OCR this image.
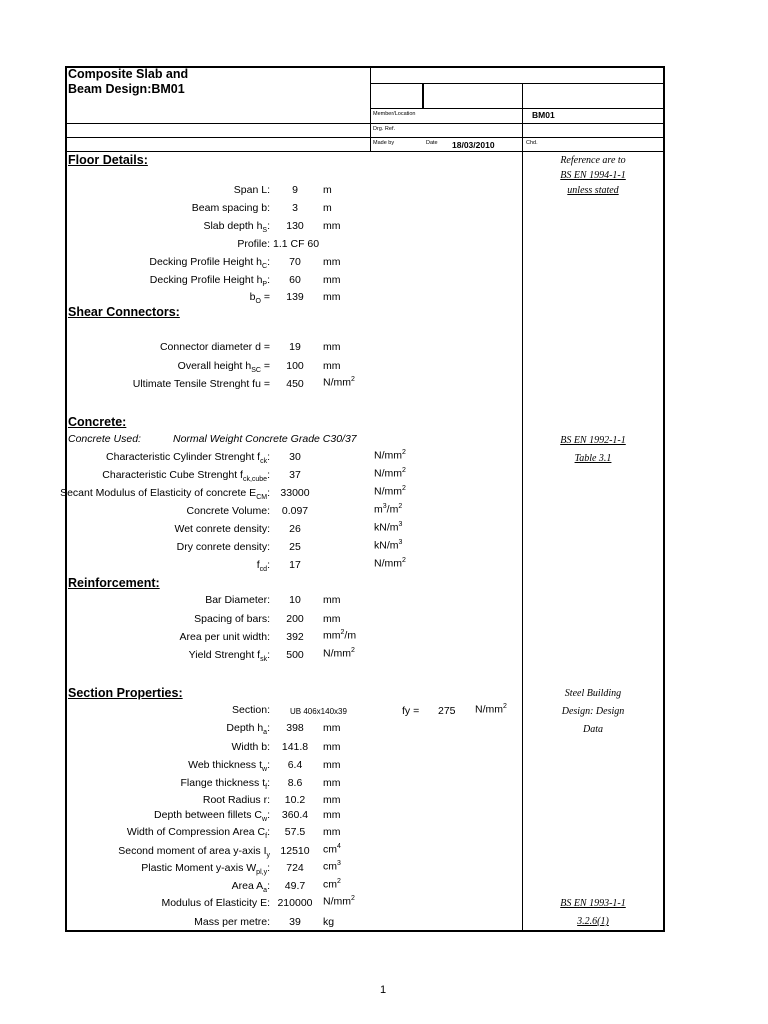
Composite Slab and
Beam Design:BM01
Member/Location	BM01
Drg. Ref.
Made by	Date 18/03/2010	Chd.
Floor Details:
Shear Connectors:
Concrete:
Concrete Used:	Normal Weight Concrete Grade C30/37
Reinforcement:
Section Properties:
Section:	UB 406x140x39	fy = 275 $N/mm^2$
Span L:	9	m
Beam spacing b:	3	m
Slab depth $h_S$:	130	mm
Profile: 1.1 CF 60
Decking Profile Height $h_C$:	70	mm
Decking Profile Height $h_P$:	60	mm
$b_O$ =	139	mm
Connector diameter d =	19	mm
Overall height $h_{SC}$ =	100	mm
Ultimate Tensile Strenght fu =	450	$N/mm^2$
Characteristic Cylinder Strenght $f_{ck}$:	30	$N/mm^2$
Characteristic Cube Strenght $f_{ck,cube}$:	37	$N/mm^2$
Secant Modulus of Elasticity of concrete $E_{CM}$: 33000	$N/mm^2$
Concrete Volume:	0.097	$m^3/m^2$
Wet conrete density:	26	$kN/m^3$
Dry conrete density:	25	$kN/m^3$
$f_{cd}$:	17	$N/mm^2$
Bar Diameter:	10	mm
Spacing of bars:	200	mm
Area per unit width:	392	$mm^2/m$
Yield Strenght $f_{sk}$:	500	$N/mm^2$
Depth $h_a$:	398	mm
Width b:	141.8	mm
Web thickness $t_w$:	6.4	mm
Flange thickness $t_f$:	8.6	mm
Root Radius r:	10.2	mm
Depth between fillets $C_w$:	360.4	mm
Width of Compression Area $C_f$:	57.5	mm
Second moment of area y-axis $I_y$ 12510	$cm^4$
Plastic Moment y-axis $W_{pl,y}$:	724	$cm^3$
Area $A_a$:	49.7	$cm^2$
Modulus of Elasticity E: 210000 $N/mm^2$
Mass per metre:	39	kg
Reference are to
BS EN 1994-1-1
unless stated
BS EN 1992-1-1
Table 3.1
Steel Building
Design: Design
Data
BS EN 1993-1-1
3.2.6(1)
1
